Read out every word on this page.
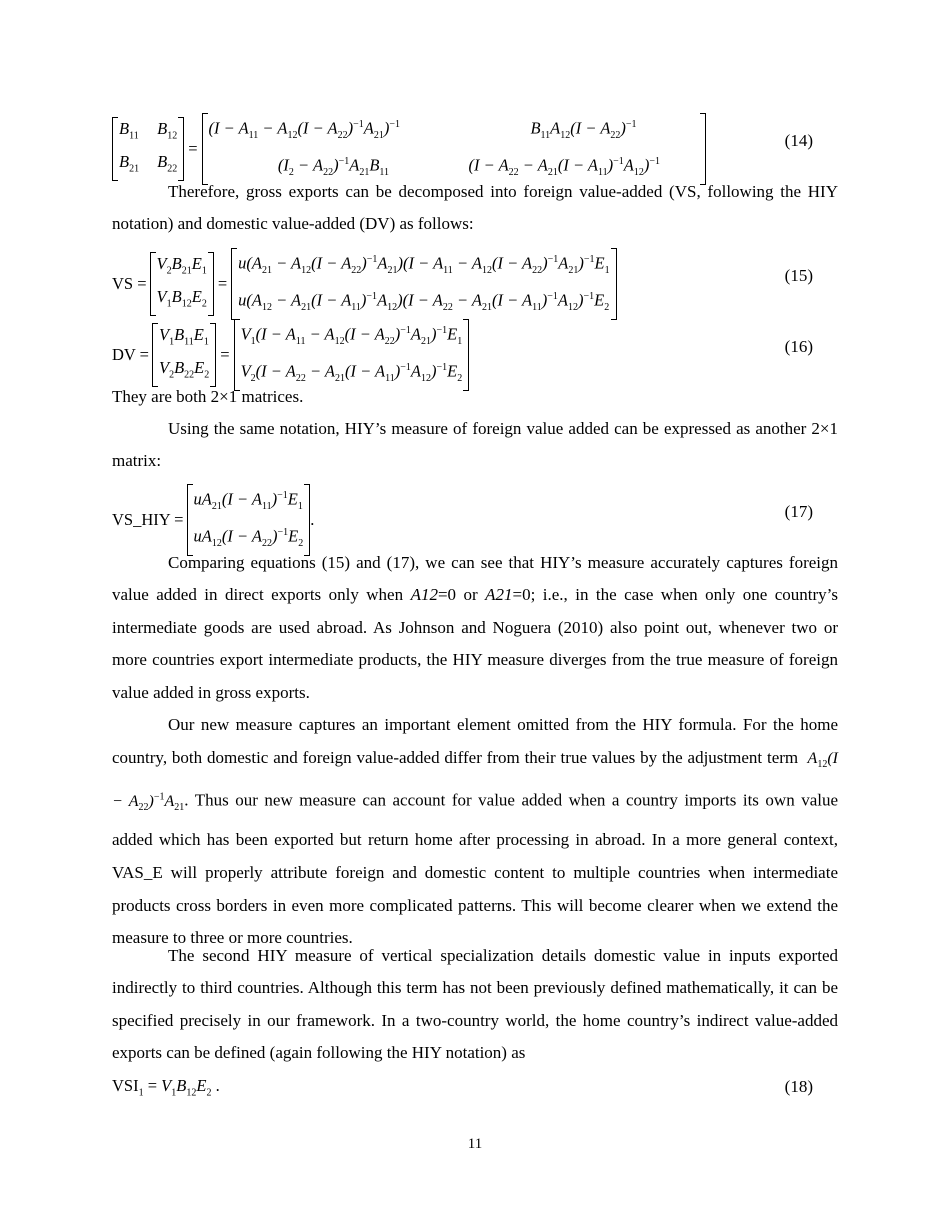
$B_{11}$ $B_{12}$
$B_{21}$ $B_{22}$
=
$(I - A_{11} - A_{12}(I - A_{22})^{-1}A_{21})^{-1}$	$B_{11}A_{12}(I - A_{22})^{-1}$
$(I_2 - A_{22})^{-1}A_{21}B_{11}$	$(I - A_{22} - A_{21}(I - A_{11})^{-1}A_{12})^{-1}$
(14)
Therefore, gross exports can be decomposed into foreign value-added (VS, following the HIY notation) and domestic value-added (DV) as follows:
VS =
$V_2B_{21}E_1$
$V_1B_{12}E_2$
=
$u(A_{21} - A_{12}(I - A_{22})^{-1}A_{21})(I - A_{11} - A_{12}(I - A_{22})^{-1}A_{21})^{-1}E_1$
$u(A_{12} - A_{21}(I - A_{11})^{-1}A_{12})(I - A_{22} - A_{21}(I - A_{11})^{-1}A_{12})^{-1}E_2$
(15)
DV =
$V_1B_{11}E_1$
$V_2B_{22}E_2$
=
$V_1(I - A_{11} - A_{12}(I - A_{22})^{-1}A_{21})^{-1}E_1$
$V_2(I - A_{22} - A_{21}(I - A_{11})^{-1}A_{12})^{-1}E_2$
(16)
They are both 2×1 matrices.
Using the same notation, HIY’s measure of foreign value added can be expressed as another 2×1 matrix:
VS_HIY =
$uA_{21}(I - A_{11})^{-1}E_1$
$uA_{12}(I - A_{22})^{-1}E_2$
.	(17)
Comparing equations (15) and (17), we can see that HIY’s measure accurately captures foreign value added in direct exports only when A12=0 or A21=0; i.e., in the case when only one country’s intermediate goods are used abroad. As Johnson and Noguera (2010) also point out, whenever two or more countries export intermediate products, the HIY measure diverges from the true measure of foreign value added in gross exports.
Our new measure captures an important element omitted from the HIY formula. For the home country, both domestic and foreign value-added differ from their true values by the adjustment term  $A_{12}(I - A_{22})^{-1}A_{21}$. Thus our new measure can account for value added when a country imports its own value added which has been exported but return home after processing in abroad. In a more general context, VAS_E will properly attribute foreign and domestic content to multiple countries when intermediate products cross borders in even more complicated patterns. This will become clearer when we extend the measure to three or more countries.
The second HIY measure of vertical specialization details domestic value in inputs exported indirectly to third countries. Although this term has not been previously defined mathematically, it can be specified precisely in our framework. In a two-country world, the home country’s indirect value-added exports can be defined (again following the HIY notation) as
$VSI_1 = V_1B_{12}E_2$ .	(18)
11
